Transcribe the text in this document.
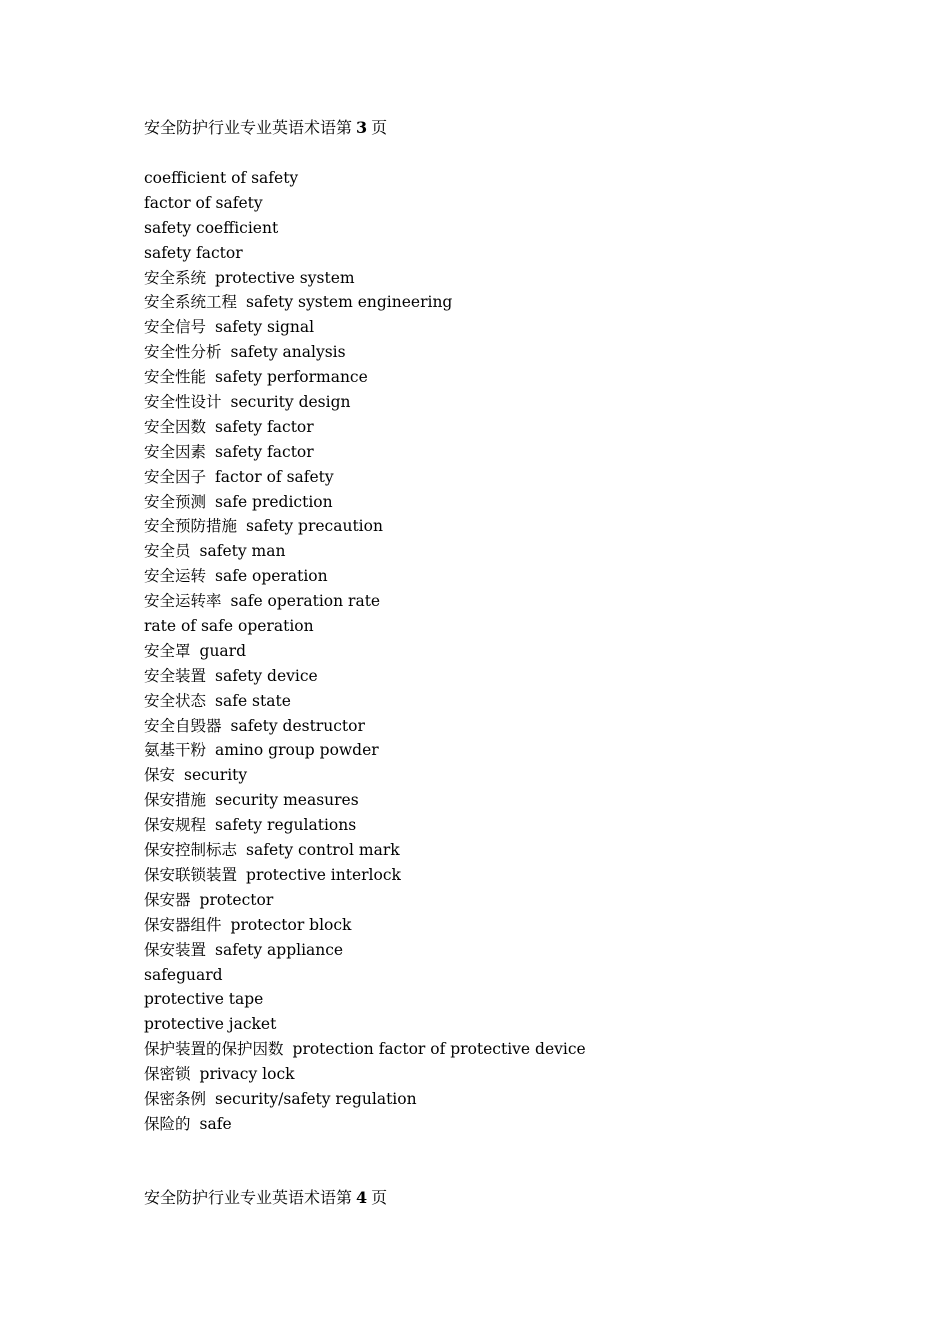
安全防护行业专业英语术语第 3 页
coefficient of safety
factor of safety
safety coefficient
safety factor
安全系统 protective system
安全系统工程 safety system engineering
安全信号 safety signal
安全性分析 safety analysis
安全性能 safety performance
安全性设计 security design
安全因数 safety factor
安全因素 safety factor
安全因子 factor of safety
安全预测 safe prediction
安全预防措施 safety precaution
安全员 safety man
安全运转 safe operation
安全运转率 safe operation rate
rate of safe operation
安全罩 guard
安全装置 safety device
安全状态 safe state
安全自毁器 safety destructor
氨基干粉 amino group powder
保安 security
保安措施 security measures
保安规程 safety regulations
保安控制标志 safety control mark
保安联锁装置 protective interlock
保安器 protector
保安器组件 protector block
保安装置 safety appliance
safeguard
protective tape
protective jacket
保护装置的保护因数 protection factor of protective device
保密锁 privacy lock
保密条例 security/safety regulation
保险的 safe
安全防护行业专业英语术语第 4 页
